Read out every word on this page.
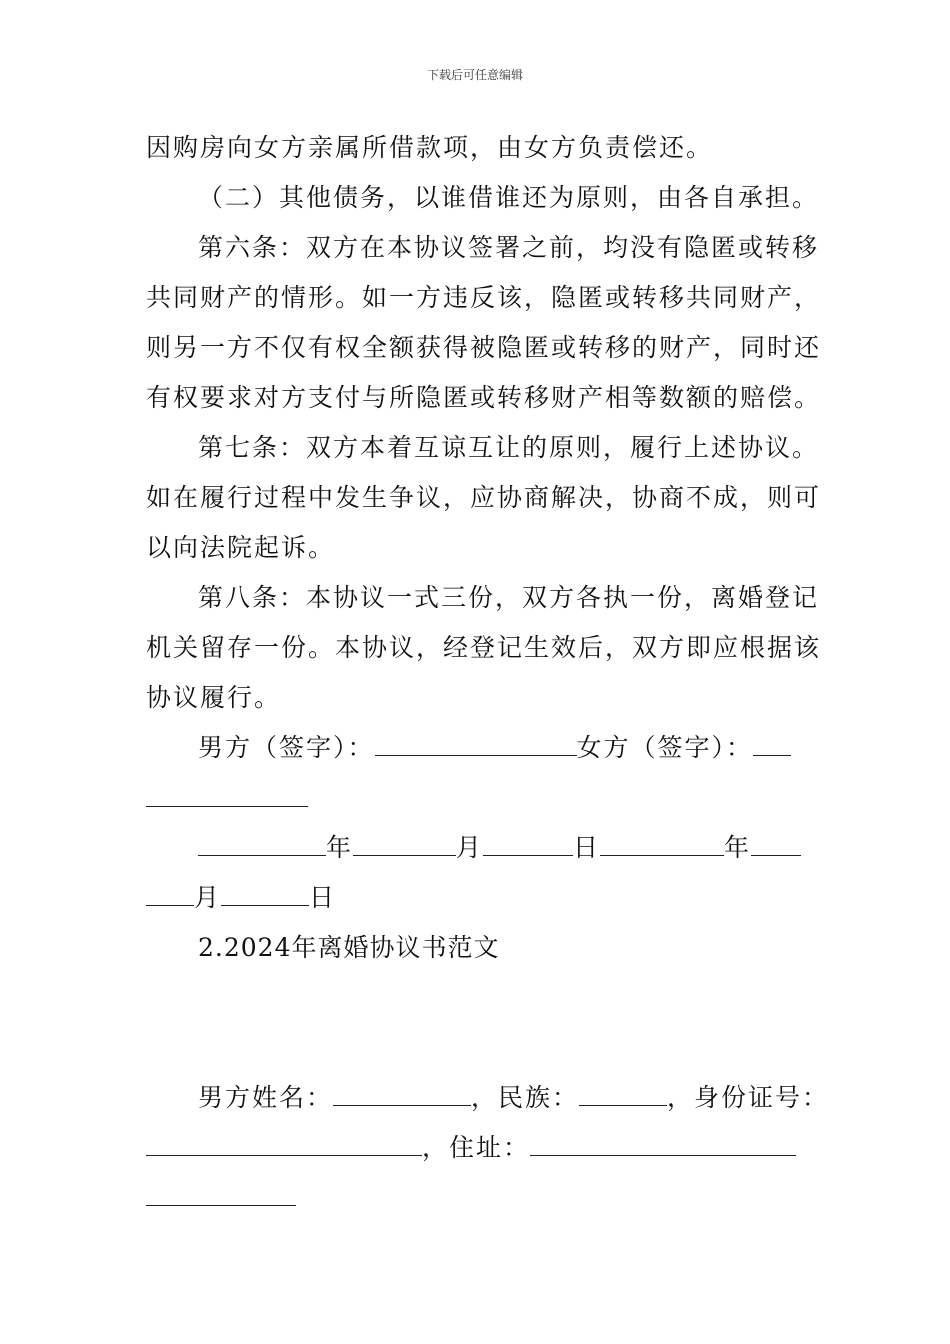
下载后可任意编辑
因购房向女方亲属所借款项，由女方负责偿还。
（二）其他债务，以谁借谁还为原则，由各自承担。
第六条：双方在本协议签署之前，均没有隐匿或转移
共同财产的情形。如一方违反该，隐匿或转移共同财产，
则另一方不仅有权全额获得被隐匿或转移的财产，同时还
有权要求对方支付与所隐匿或转移财产相等数额的赔偿。
第七条：双方本着互谅互让的原则，履行上述协议。
如在履行过程中发生争议，应协商解决，协商不成，则可
以向法院起诉。
第八条：本协议一式三份，双方各执一份，离婚登记
机关留存一份。本协议，经登记生效后，双方即应根据该
协议履行。
男方（签字）：	女方（签字）：
年	月	日	年
月	日
2.2024年离婚协议书范文
男方姓名：	，民族：	，身份证号：
，住址：
